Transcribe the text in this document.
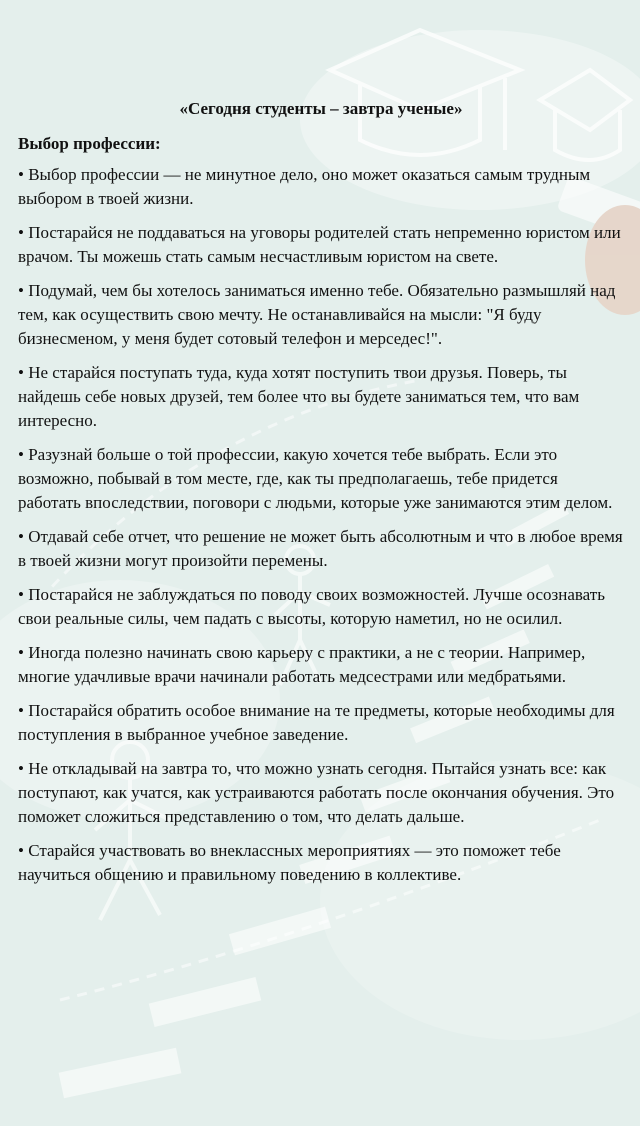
«Сегодня студенты – завтра ученые»
Выбор профессии:

• Выбор профессии — не минутное дело, оно может оказаться самым трудным выбором в твоей жизни.

• Постарайся не поддаваться на уговоры родителей стать непременно юристом или врачом. Ты можешь стать самым несчастливым юристом на свете.

• Подумай, чем бы хотелось заниматься именно тебе. Обязательно размышляй над тем, как осуществить свою мечту. Не останавливайся на мысли: "Я буду бизнесменом, у меня будет сотовый телефон и мерседес!".

• Не старайся поступать туда, куда хотят поступить твои друзья. Поверь, ты найдешь себе новых друзей, тем более что вы будете заниматься тем, что вам интересно.

• Разузнай больше о той профессии, какую хочется тебе выбрать. Если это возможно, побывай в том месте, где, как ты предполагаешь, тебе придется работать впоследствии, поговори с людьми, которые уже занимаются этим делом.

• Отдавай себе отчет, что решение не может быть абсолютным и что в любое время в твоей жизни могут произойти перемены.

• Постарайся не заблуждаться по поводу своих возможностей. Лучше осознавать свои реальные силы, чем падать с высоты, которую наметил, но не осилил.

• Иногда полезно начинать свою карьеру с практики, а не с теории. Например, многие удачливые врачи начинали работать медсестрами или медбратьями.

• Постарайся обратить особое внимание на те предметы, которые необходимы для поступления в выбранное учебное заведение.

• Не откладывай на завтра то, что можно узнать сегодня. Пытайся узнать все: как поступают, как учатся, как устраиваются работать после окончания обучения. Это поможет сложиться представлению о том, что делать дальше.

• Старайся участвовать во внеклассных мероприятиях — это поможет тебе научиться общению и правильному поведению в коллективе.
